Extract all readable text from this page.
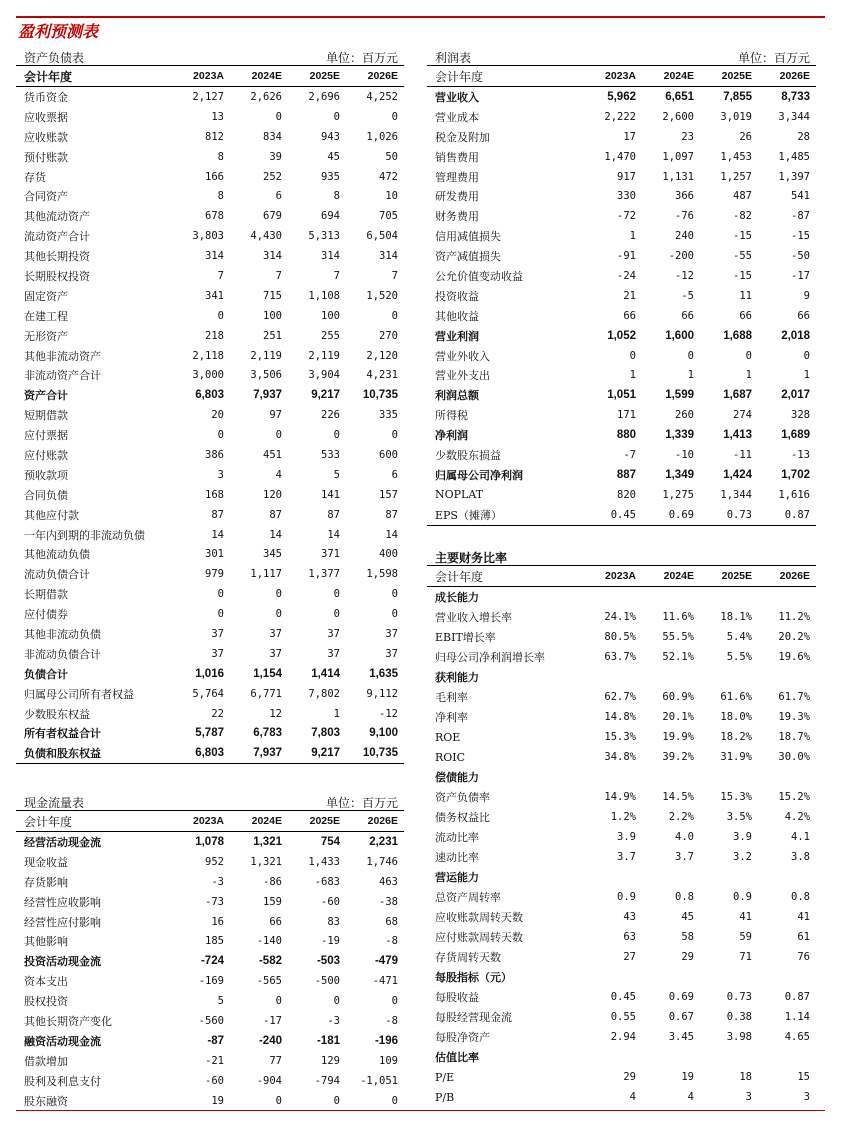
盈利预测表
资产负债表	单位：百万元
会计年度	2023A	2024E	2025E	2026E
货币资金	2,127	2,626	2,696	4,252
应收票据	13	0	0	0
应收账款	812	834	943	1,026
预付账款	8	39	45	50
存货	166	252	935	472
合同资产	8	6	8	10
其他流动资产	678	679	694	705
流动资产合计	3,803	4,430	5,313	6,504
其他长期投资	314	314	314	314
长期股权投资	7	7	7	7
固定资产	341	715	1,108	1,520
在建工程	0	100	100	0
无形资产	218	251	255	270
其他非流动资产	2,118	2,119	2,119	2,120
非流动资产合计	3,000	3,506	3,904	4,231
资产合计	6,803	7,937	9,217	10,735
短期借款	20	97	226	335
应付票据	0	0	0	0
应付账款	386	451	533	600
预收款项	3	4	5	6
合同负债	168	120	141	157
其他应付款	87	87	87	87
一年内到期的非流动负债	14	14	14	14
其他流动负债	301	345	371	400
流动负债合计	979	1,117	1,377	1,598
长期借款	0	0	0	0
应付债券	0	0	0	0
其他非流动负债	37	37	37	37
非流动负债合计	37	37	37	37
负债合计	1,016	1,154	1,414	1,635
归属母公司所有者权益	5,764	6,771	7,802	9,112
少数股东权益	22	12	1	-12
所有者权益合计	5,787	6,783	7,803	9,100
负债和股东权益	6,803	7,937	9,217	10,735
利润表	单位：百万元
会计年度	2023A	2024E	2025E	2026E
营业收入	5,962	6,651	7,855	8,733
营业成本	2,222	2,600	3,019	3,344
税金及附加	17	23	26	28
销售费用	1,470	1,097	1,453	1,485
管理费用	917	1,131	1,257	1,397
研发费用	330	366	487	541
财务费用	-72	-76	-82	-87
信用减值损失	1	240	-15	-15
资产减值损失	-91	-200	-55	-50
公允价值变动收益	-24	-12	-15	-17
投资收益	21	-5	11	9
其他收益	66	66	66	66
营业利润	1,052	1,600	1,688	2,018
营业外收入	0	0	0	0
营业外支出	1	1	1	1
利润总额	1,051	1,599	1,687	2,017
所得税	171	260	274	328
净利润	880	1,339	1,413	1,689
少数股东损益	-7	-10	-11	-13
归属母公司净利润	887	1,349	1,424	1,702
NOPLAT	820	1,275	1,344	1,616
EPS（摊薄）	0.45	0.69	0.73	0.87
主要财务比率
会计年度	2023A	2024E	2025E	2026E
成长能力
营业收入增长率	24.1%	11.6%	18.1%	11.2%
EBIT增长率	80.5%	55.5%	5.4%	20.2%
归母公司净利润增长率	63.7%	52.1%	5.5%	19.6%
获利能力
毛利率	62.7%	60.9%	61.6%	61.7%
净利率	14.8%	20.1%	18.0%	19.3%
ROE	15.3%	19.9%	18.2%	18.7%
ROIC	34.8%	39.2%	31.9%	30.0%
偿债能力
资产负债率	14.9%	14.5%	15.3%	15.2%
债务权益比	1.2%	2.2%	3.5%	4.2%
流动比率	3.9	4.0	3.9	4.1
速动比率	3.7	3.7	3.2	3.8
营运能力
总资产周转率	0.9	0.8	0.9	0.8
应收账款周转天数	43	45	41	41
应付账款周转天数	63	58	59	61
存货周转天数	27	29	71	76
每股指标（元）
每股收益	0.45	0.69	0.73	0.87
每股经营现金流	0.55	0.67	0.38	1.14
每股净资产	2.94	3.45	3.98	4.65
估值比率
P/E	29	19	18	15
P/B	4	4	3	3
现金流量表	单位：百万元
会计年度	2023A	2024E	2025E	2026E
经营活动现金流	1,078	1,321	754	2,231
现金收益	952	1,321	1,433	1,746
存货影响	-3	-86	-683	463
经营性应收影响	-73	159	-60	-38
经营性应付影响	16	66	83	68
其他影响	185	-140	-19	-8
投资活动现金流	-724	-582	-503	-479
资本支出	-169	-565	-500	-471
股权投资	5	0	0	0
其他长期资产变化	-560	-17	-3	-8
融资活动现金流	-87	-240	-181	-196
借款增加	-21	77	129	109
股利及利息支付	-60	-904	-794	-1,051
股东融资	19	0	0	0
